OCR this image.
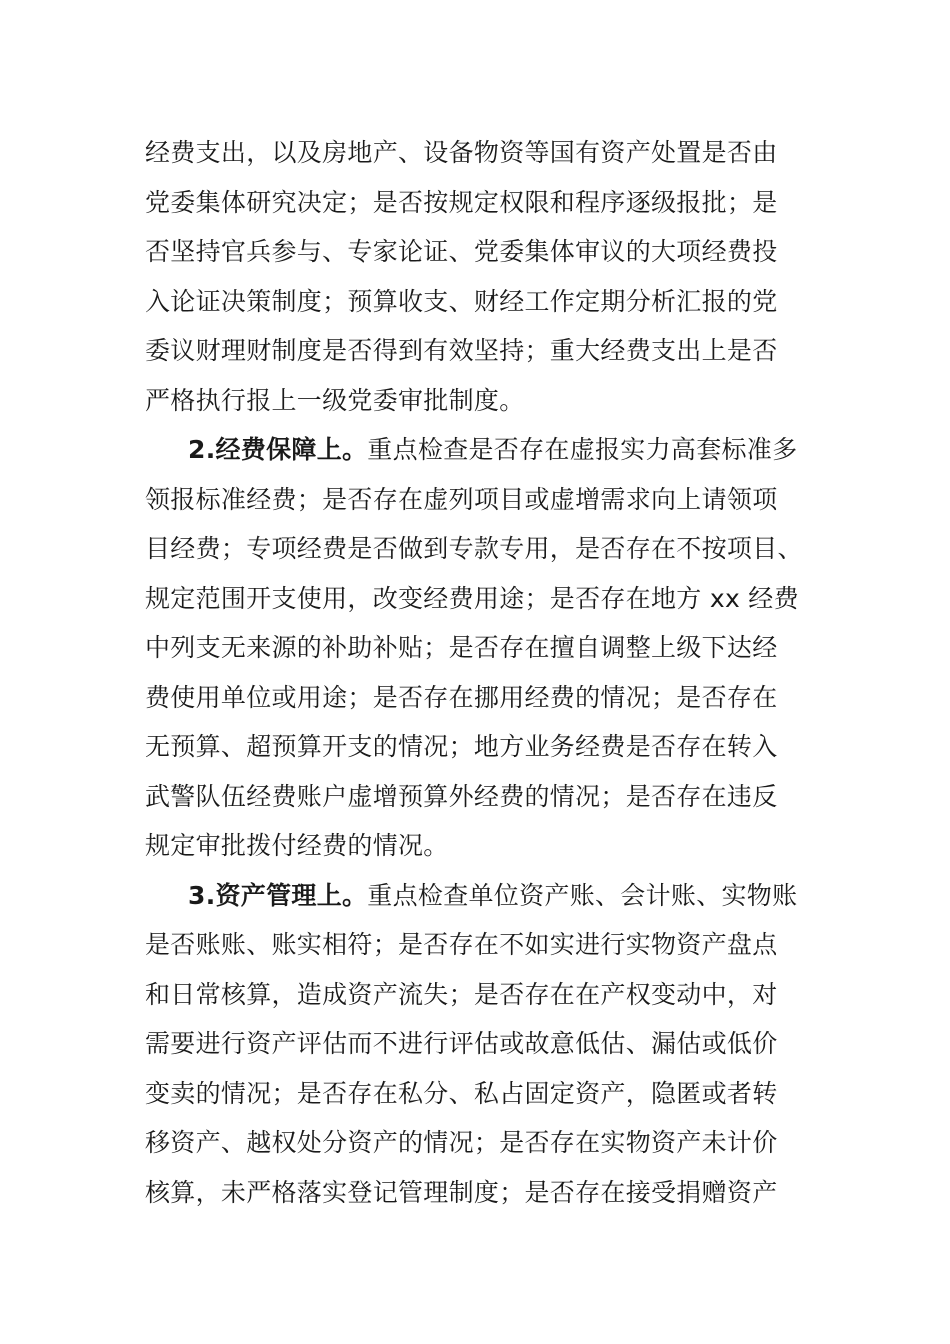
经费支出，以及房地产、设备物资等国有资产处置是否由
党委集体研究决定；是否按规定权限和程序逐级报批；是
否坚持官兵参与、专家论证、党委集体审议的大项经费投
入论证决策制度；预算收支、财经工作定期分析汇报的党
委议财理财制度是否得到有效坚持；重大经费支出上是否
严格执行报上一级党委审批制度。
2.经费保障上。重点检查是否存在虚报实力高套标准多
领报标准经费；是否存在虚列项目或虚增需求向上请领项
目经费；专项经费是否做到专款专用，是否存在不按项目、
规定范围开支使用，改变经费用途；是否存在地方 xx 经费
中列支无来源的补助补贴；是否存在擅自调整上级下达经
费使用单位或用途；是否存在挪用经费的情况；是否存在
无预算、超预算开支的情况；地方业务经费是否存在转入
武警队伍经费账户虚增预算外经费的情况；是否存在违反
规定审批拨付经费的情况。
3.资产管理上。重点检查单位资产账、会计账、实物账
是否账账、账实相符；是否存在不如实进行实物资产盘点
和日常核算，造成资产流失；是否存在在产权变动中，对
需要进行资产评估而不进行评估或故意低估、漏估或低价
变卖的情况；是否存在私分、私占固定资产，隐匿或者转
移资产、越权处分资产的情况；是否存在实物资产未计价
核算，未严格落实登记管理制度；是否存在接受捐赠资产
